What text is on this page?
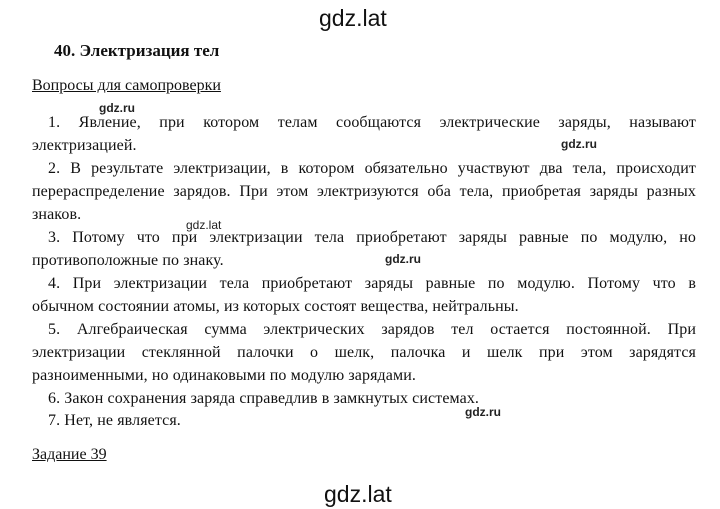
gdz.lat
40. Электризация тел
Вопросы для самопроверки
gdz.ru
1. Явление, при котором телам сообщаются электрические заряды, называют
электризацией.	gdz.ru
2. В результате электризации, в котором обязательно участвуют два тела, происходит
перераспределение зарядов. При этом электризуются оба тела, приобретая заряды разных
знаков.
gdz.lat
3. Потому что при электризации тела приобретают заряды равные по модулю, но
противоположные по знаку.	gdz.ru
4. При электризации тела приобретают заряды равные по модулю. Потому что в
обычном состоянии атомы, из которых состоят вещества, нейтральны.
5. Алгебраическая сумма электрических зарядов тел остается постоянной. При
электризации стеклянной палочки о шелк, палочка и шелк при этом зарядятся
разноименными, но одинаковыми по модулю зарядами.
6. Закон сохранения заряда справедлив в замкнутых системах.
7. Нет, не является.	gdz.ru
Задание 39
gdz.lat
